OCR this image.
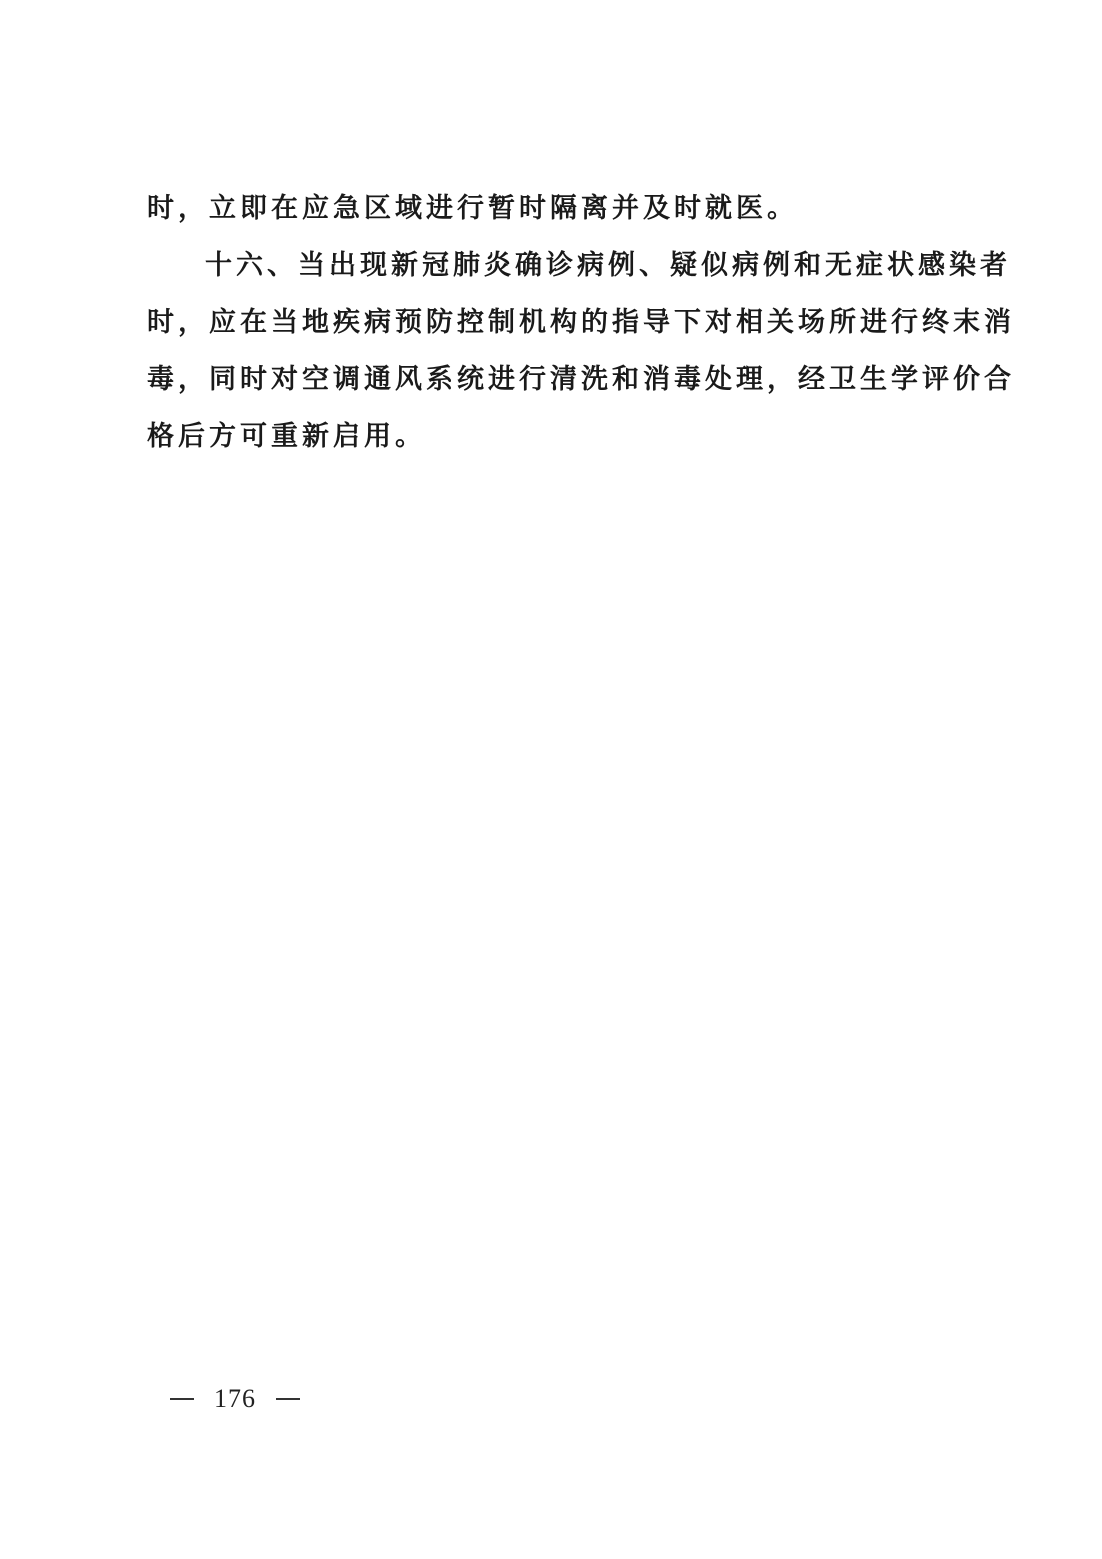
时，立即在应急区域进行暂时隔离并及时就医。
十六、当出现新冠肺炎确诊病例、疑似病例和无症状感染者
时，应在当地疾病预防控制机构的指导下对相关场所进行终末消
毒，同时对空调通风系统进行清洗和消毒处理，经卫生学评价合
格后方可重新启用。
176
